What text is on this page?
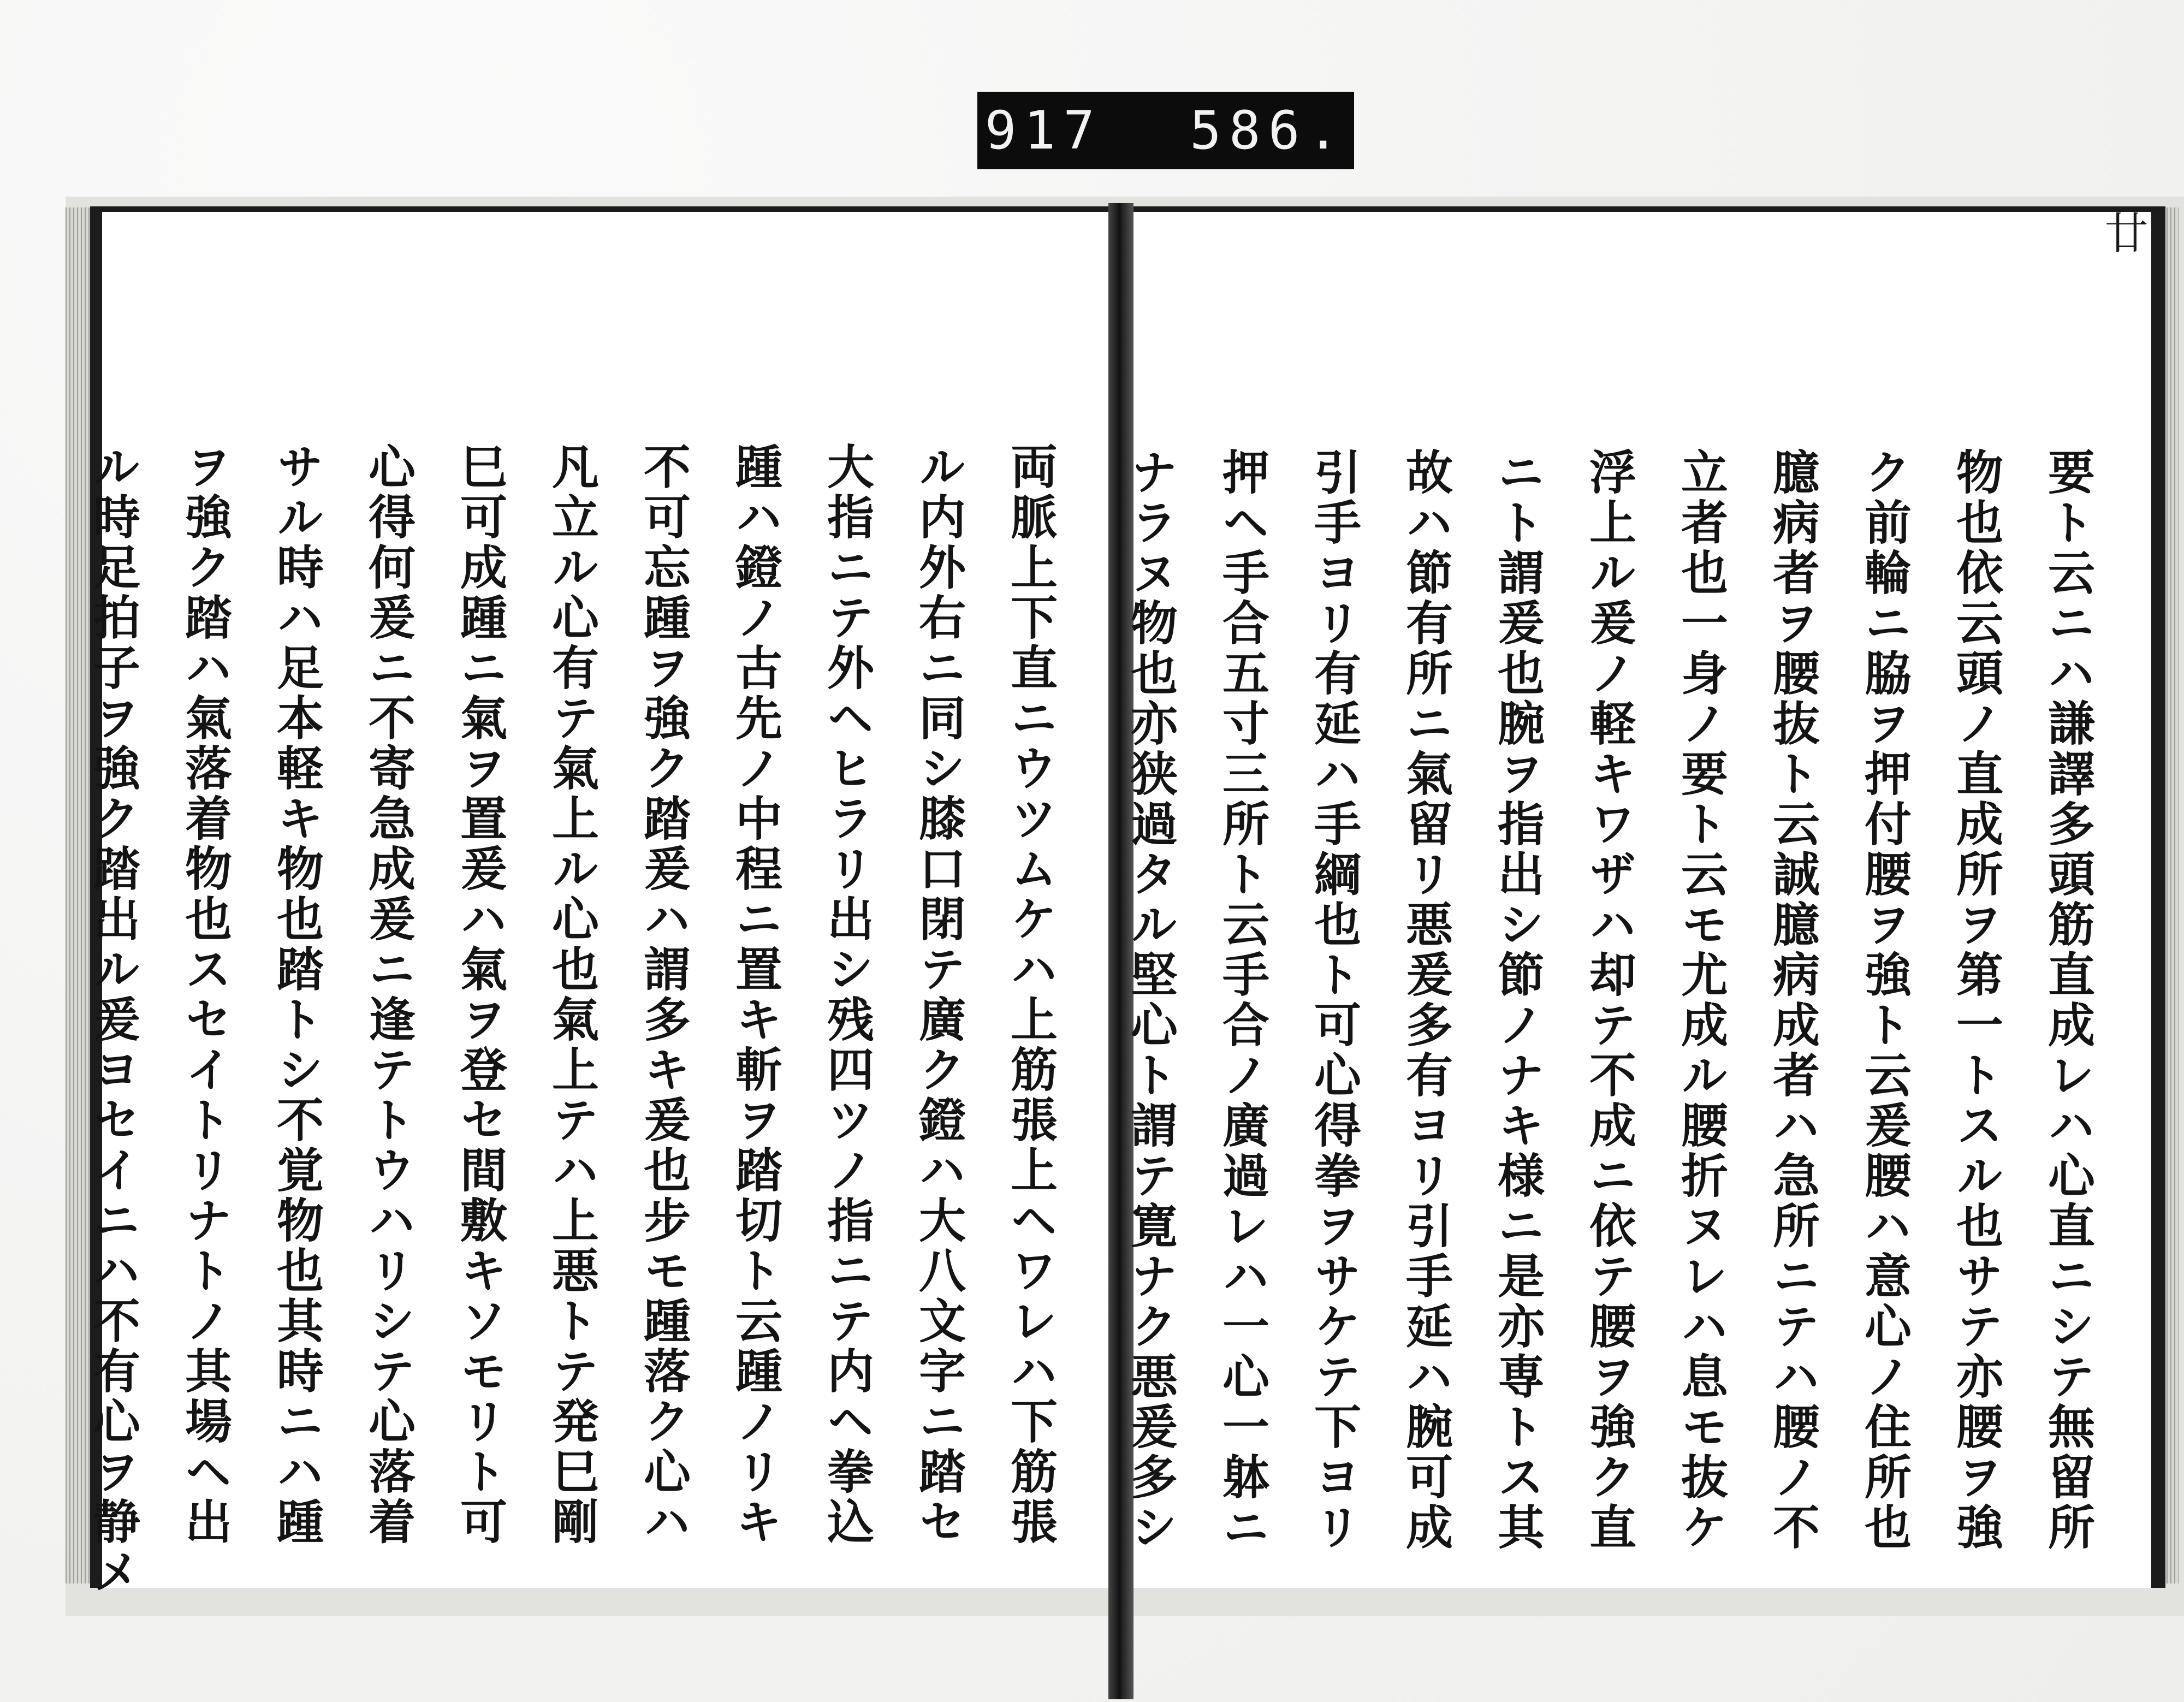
917 586.
廿
要ト云ニハ謙譯多頭筋直成レハ心直ニシテ無留所
物也依云頭ノ直成所ヲ第一トスル也サテ亦腰ヲ強
ク前輪ニ脇ヲ押付腰ヲ強ト云爰腰ハ意心ノ住所也
臆病者ヲ腰抜ト云誠臆病成者ハ急所ニテハ腰ノ不
立者也一身ノ要ト云モ尤成ル腰折ヌレハ息モ抜ケ
浮上ル爰ノ軽キワザハ却テ不成ニ依テ腰ヲ強ク直
ニト謂爰也腕ヲ指出シ節ノナキ様ニ是亦専トス其
故ハ節有所ニ氣留リ悪爰多有ヨリ引手延ハ腕可成
引手ヨリ有延ハ手綱也ト可心得拳ヲサケテ下ヨリ
押ヘ手合五寸三所ト云手合ノ廣過レハ一心一躰ニ
ナラヌ物也亦狭過タル堅心ト謂テ寛ナク悪爰多シ
両脈上下直ニウツムケハ上筋張上ヘワレハ下筋張
ル内外右ニ同シ膝口閉テ廣ク鐙ハ大八文字ニ踏セ
大指ニテ外ヘヒラリ出シ残四ツノ指ニテ内ヘ拳込
踵ハ鐙ノ古先ノ中程ニ置キ斬ヲ踏切ト云踵ノリキ
不可忘踵ヲ強ク踏爰ハ謂多キ爰也步モ踵落ク心ハ
凡立ル心有テ氣上ル心也氣上テハ上悪トテ発巳剛
巳可成踵ニ氣ヲ置爰ハ氣ヲ登セ間敷キソモリト可
心得何爰ニ不寄急成爰ニ逢テトウハリシテ心落着
サル時ハ足本軽キ物也踏トシ不覚物也其時ニハ踵
ヲ強ク踏ハ氣落着物也スセイトリナトノ其場ヘ出
ル時足拍子ヲ強ク踏出ル爰ヨセイニハ不有心ヲ静メ
